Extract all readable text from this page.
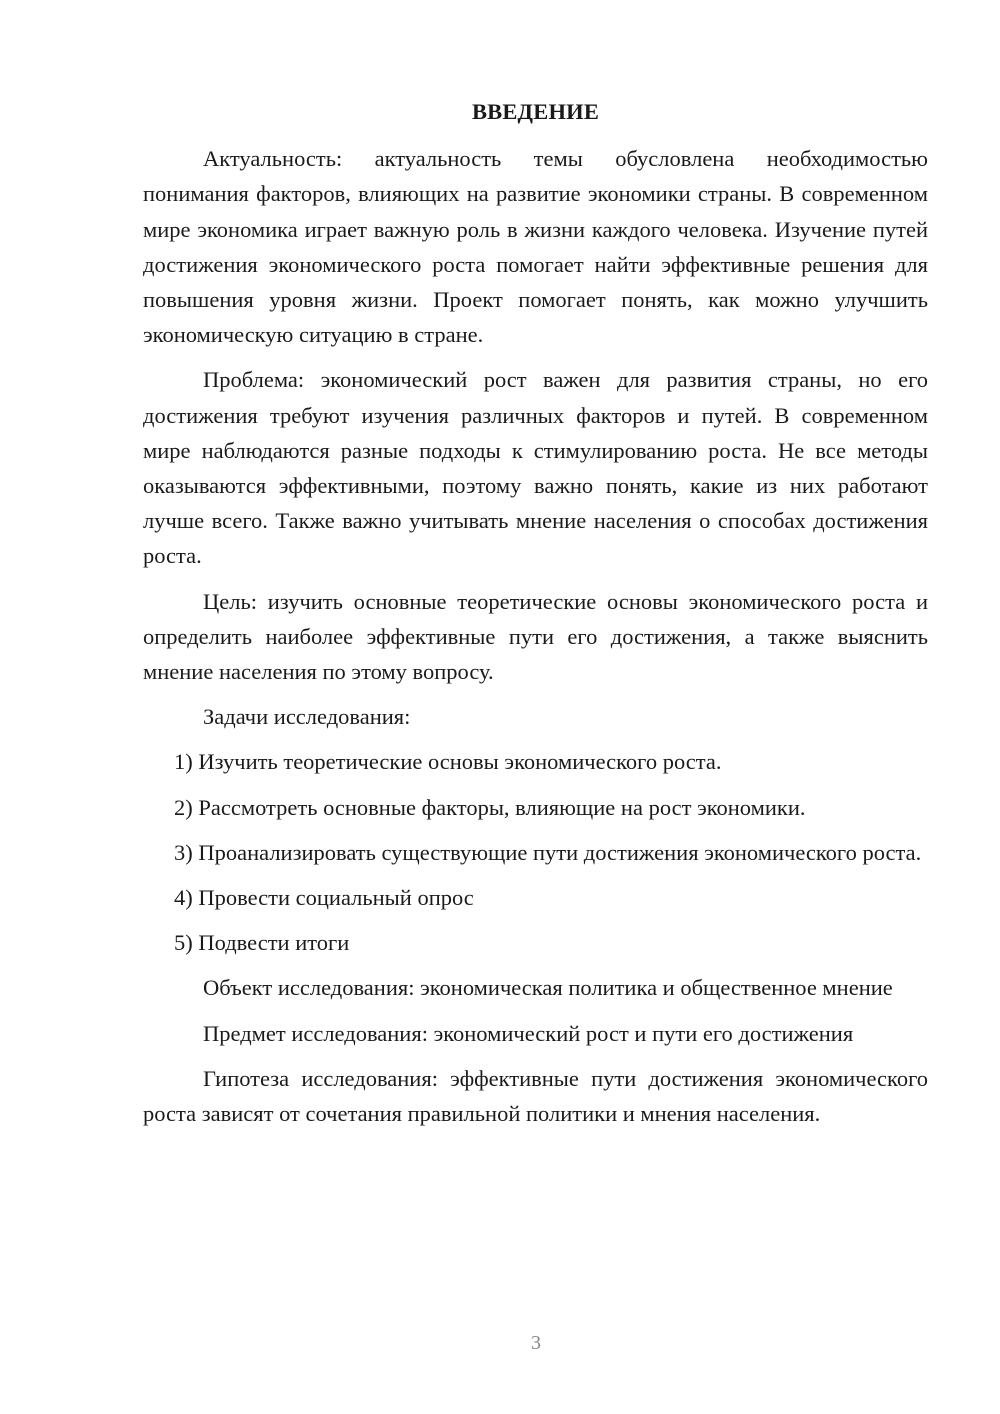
ВВЕДЕНИЕ

Актуальность: актуальность темы обусловлена необходимостью понимания факторов, влияющих на развитие экономики страны. В современном мире экономика играет важную роль в жизни каждого человека. Изучение путей достижения экономического роста помогает найти эффективные решения для повышения уровня жизни. Проект помогает понять, как можно улучшить экономическую ситуацию в стране.

Проблема: экономический рост важен для развития страны, но его достижения требуют изучения различных факторов и путей. В современном мире наблюдаются разные подходы к стимулированию роста. Не все методы оказываются эффективными, поэтому важно понять, какие из них работают лучше всего. Также важно учитывать мнение населения о способах достижения роста.

Цель: изучить основные теоретические основы экономического роста и определить наиболее эффективные пути его достижения, а также выяснить мнение населения по этому вопросу.

Задачи исследования:

1) Изучить теоретические основы экономического роста.

2) Рассмотреть основные факторы, влияющие на рост экономики.

3) Проанализировать существующие пути достижения экономического роста.

4) Провести социальный опрос

5) Подвести итоги

Объект исследования: экономическая политика и общественное мнение

Предмет исследования: экономический рост и пути его достижения

Гипотеза исследования: эффективные пути достижения экономического роста зависят от сочетания правильной политики и мнения населения.

3
